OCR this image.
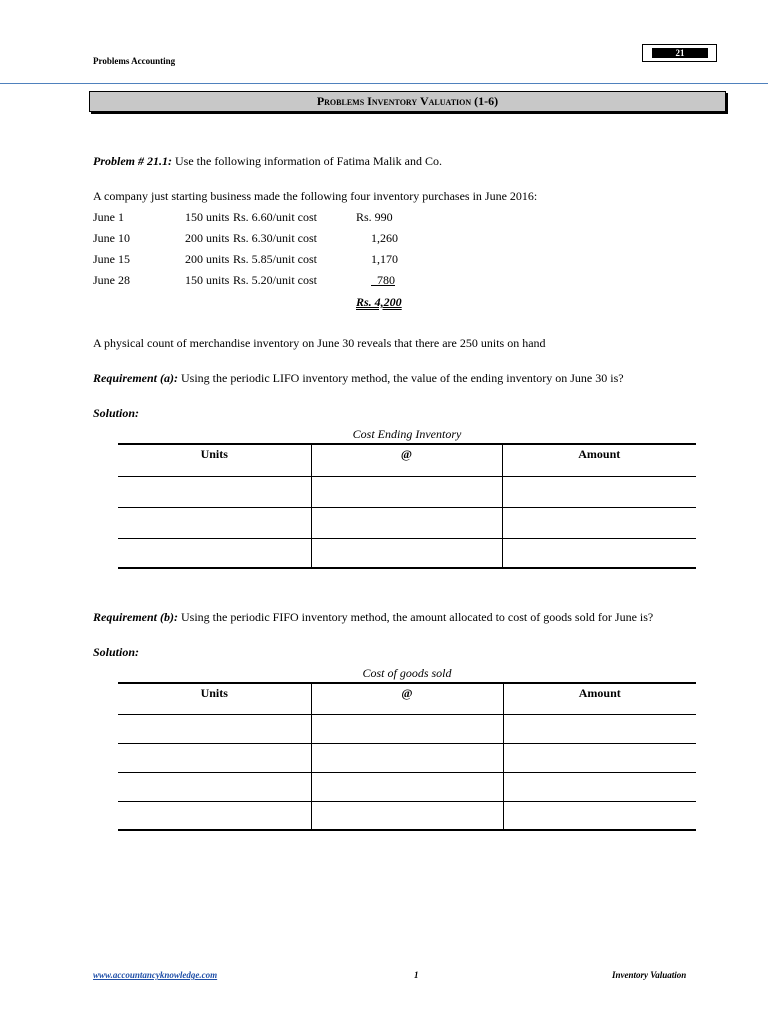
Problems Accounting
21
Problems Inventory Valuation (1-6)
Problem # 21.1: Use the following information of Fatima Malik and Co.
A company just starting business made the following four inventory purchases in June 2016:
June 1	150 units Rs. 6.60/unit cost	Rs. 990
June 10	200 units Rs. 6.30/unit cost	1,260
June 15	200 units Rs. 5.85/unit cost	1,170
June 28	150 units Rs. 5.20/unit cost	780
Rs. 4,200
A physical count of merchandise inventory on June 30 reveals that there are 250 units on hand
Requirement (a): Using the periodic LIFO inventory method, the value of the ending inventory on June 30 is?
Solution:
Cost Ending Inventory
Units	@	Amount

Requirement (b): Using the periodic FIFO inventory method, the amount allocated to cost of goods sold for June is?
Solution:
Cost of goods sold
Units	@	Amount

www.accountancyknowledge.com	1	Inventory Valuation
